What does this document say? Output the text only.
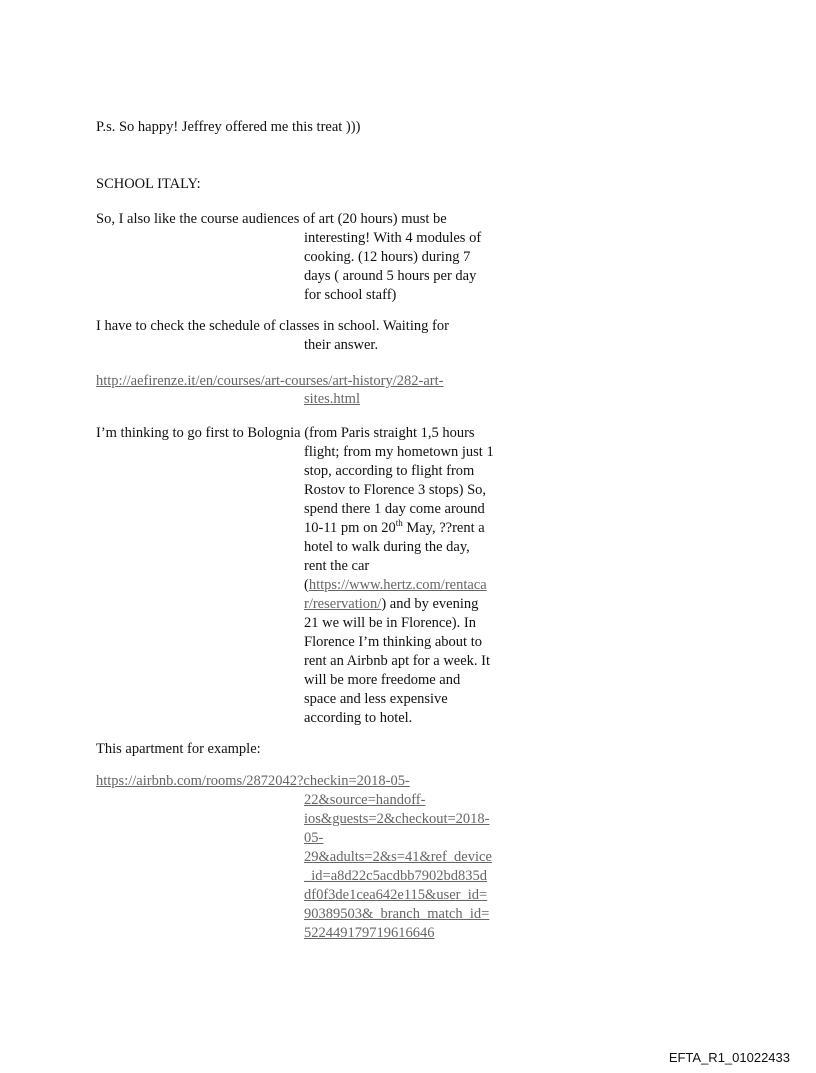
P.s. So happy! Jeffrey offered me this treat )))
SCHOOL ITALY:
So, I also like the course audiences of art (20 hours) must be
interesting! With 4 modules of
cooking. (12 hours) during 7
days ( around 5 hours per day
for school staff)
I have to check the schedule of classes in school. Waiting for
their answer.
http://aefirenze.it/en/courses/art-courses/art-history/282-art-
sites.html
I’m thinking to go first to Bolognia (from Paris straight 1,5 hours
flight; from my hometown just 1
stop, according to flight from
Rostov to Florence 3 stops) So,
spend there 1 day come around
10-11 pm on 20th May, ??rent a
hotel to walk during the day,
rent the car
(https://www.hertz.com/rentaca
r/reservation/) and by evening
21 we will be in Florence). In
Florence I’m thinking about to
rent an Airbnb apt for a week. It
will be more freedome and
space and less expensive
according to hotel.
This apartment for example:
https://airbnb.com/rooms/2872042?checkin=2018-05-
22&source=handoff-
ios&guests=2&checkout=2018-
05-
29&adults=2&s=41&ref_device
_id=a8d22c5acdbb7902bd835d
df0f3de1cea642e115&user_id=
90389503&_branch_match_id=
522449179719616646
EFTA_R1_01022433
